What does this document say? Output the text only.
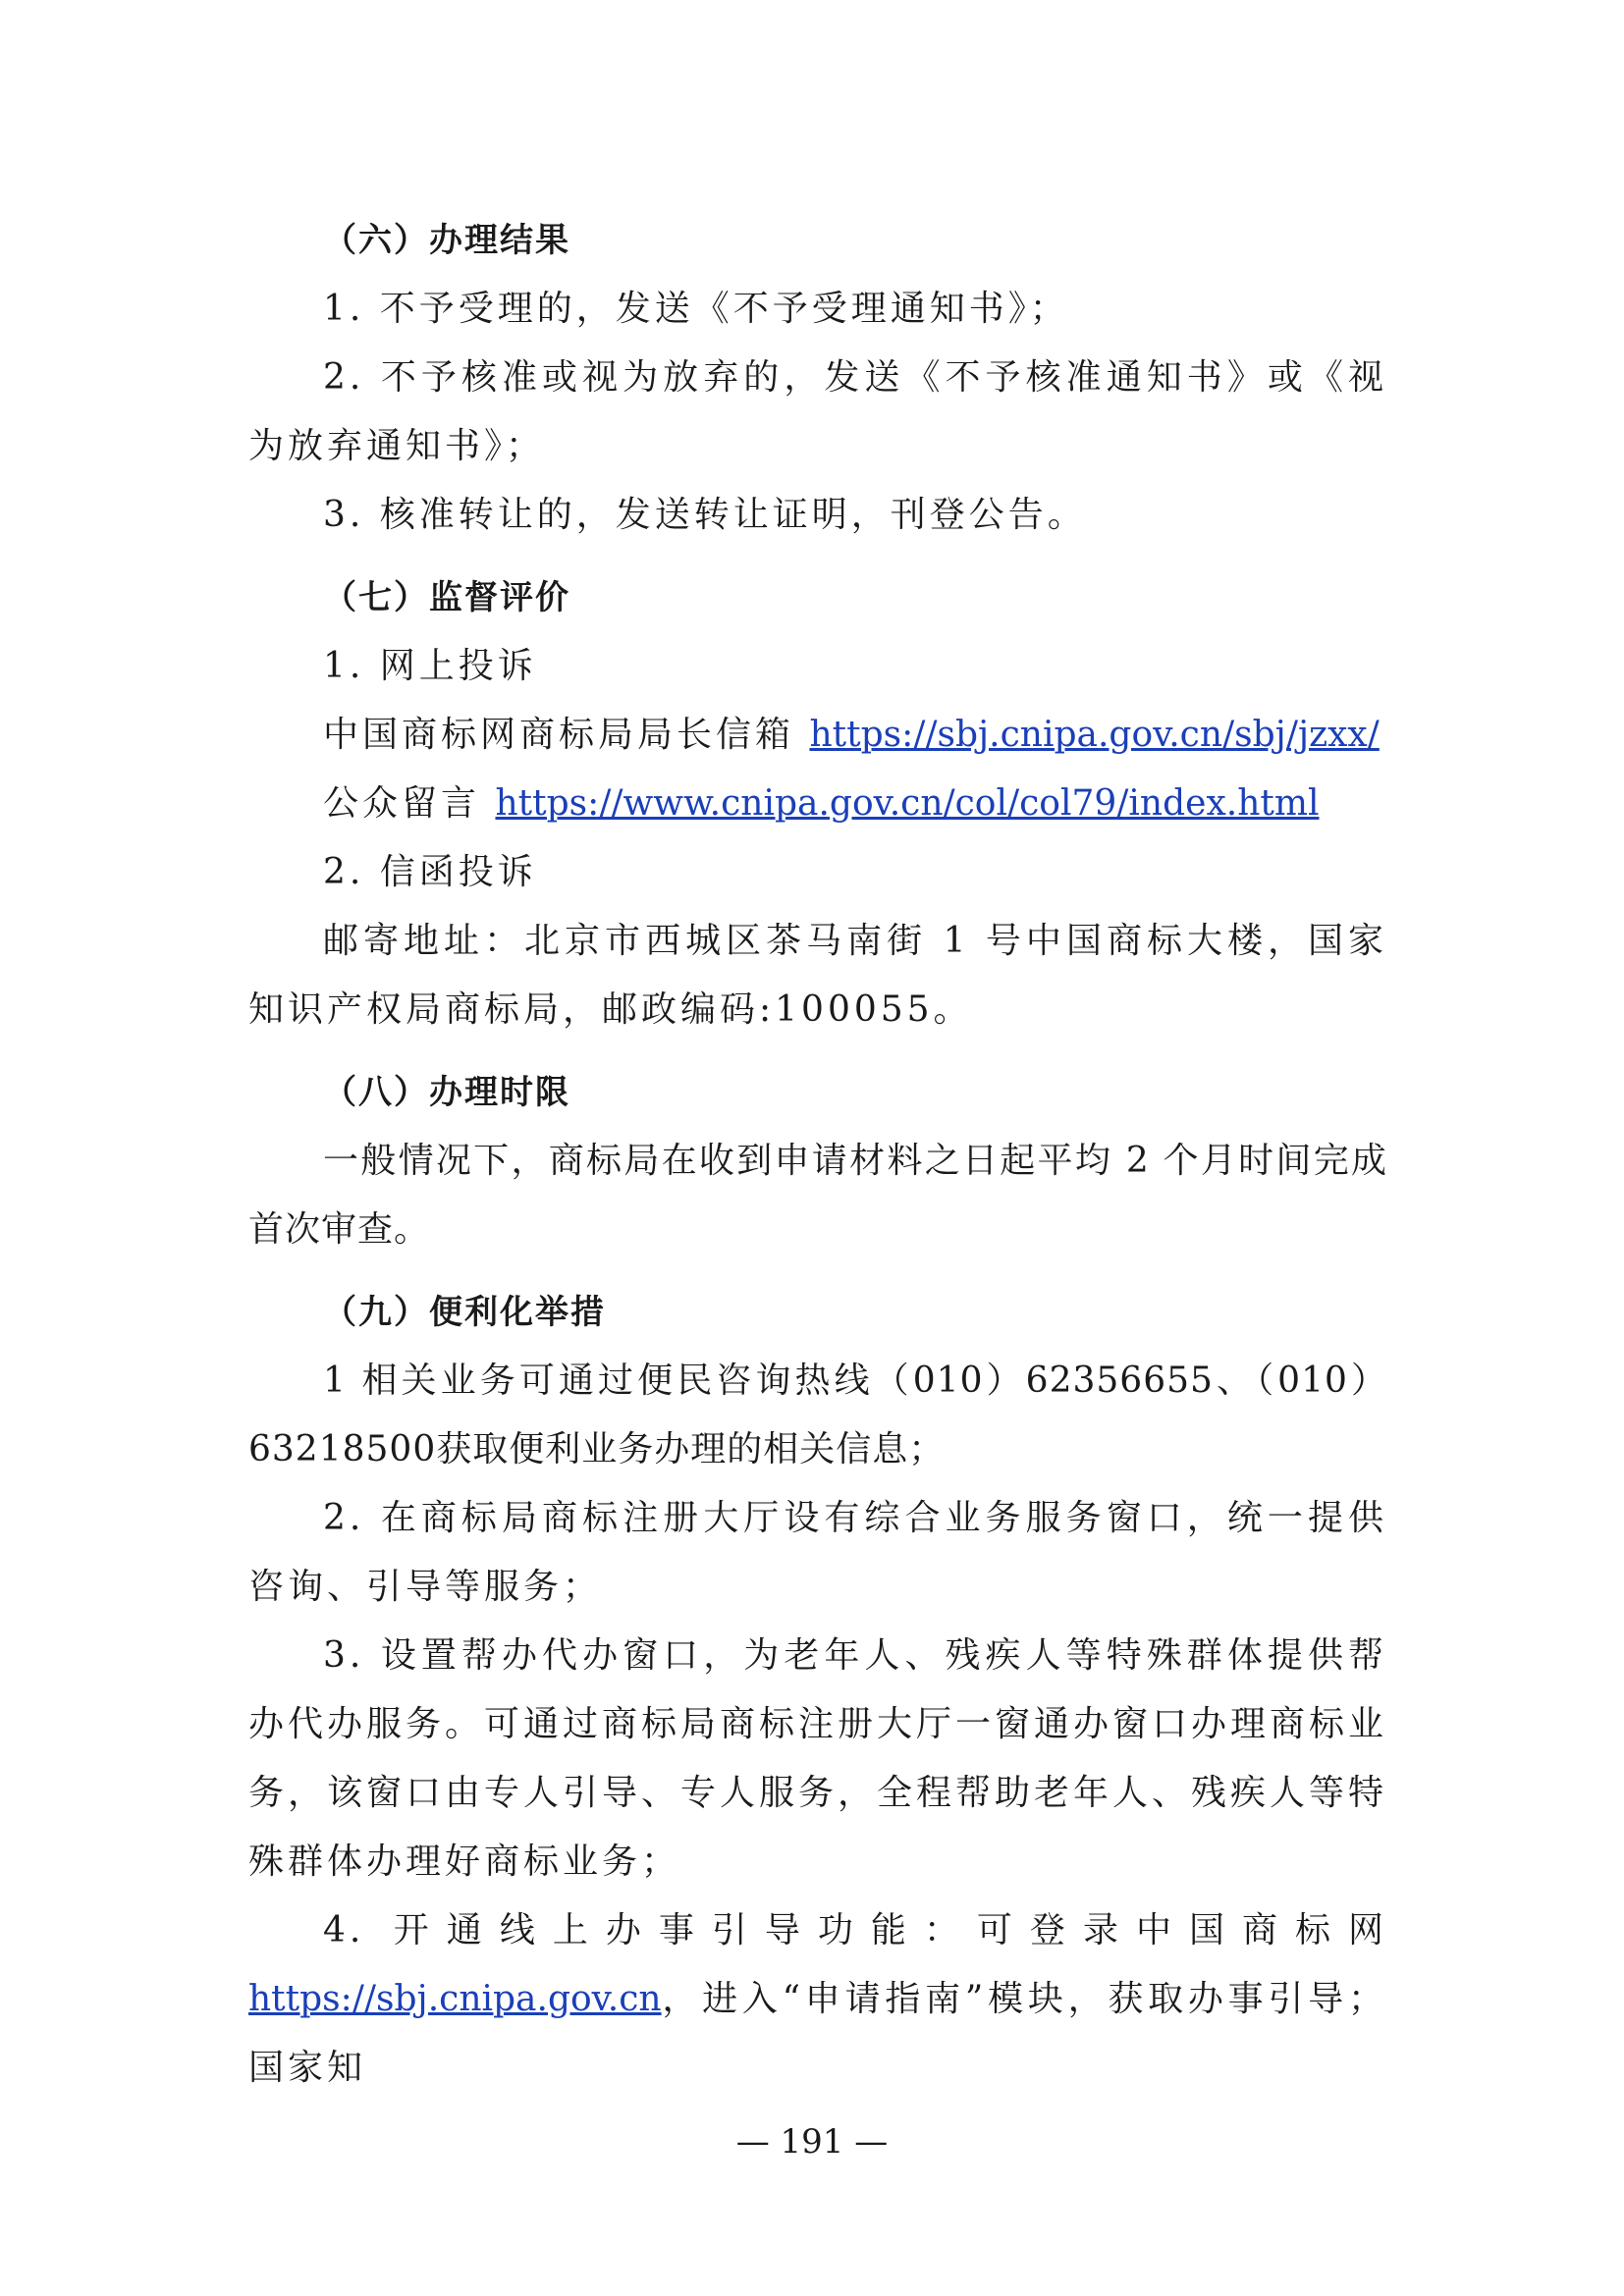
（六）办理结果

1. 不予受理的，发送《不予受理通知书》；

2. 不予核准或视为放弃的，发送《不予核准通知书》或《视为放弃通知书》；

3. 核准转让的，发送转让证明，刊登公告。

（七）监督评价

1. 网上投诉

中国商标网商标局局长信箱 https://sbj.cnipa.gov.cn/sbj/jzxx/

公众留言 https://www.cnipa.gov.cn/col/col79/index.html

2. 信函投诉

邮寄地址：北京市西城区茶马南街 1 号中国商标大楼，国家知识产权局商标局，邮政编码:100055。

（八）办理时限

一般情况下，商标局在收到申请材料之日起平均 2 个月时间完成首次审查。

（九）便利化举措

1 相关业务可通过便民咨询热线（010）62356655、（010）63218500获取便利业务办理的相关信息；

2. 在商标局商标注册大厅设有综合业务服务窗口，统一提供咨询、引导等服务；

3. 设置帮办代办窗口，为老年人、残疾人等特殊群体提供帮办代办服务。可通过商标局商标注册大厅一窗通办窗口办理商标业务，该窗口由专人引导、专人服务，全程帮助老年人、残疾人等特殊群体办理好商标业务；

4. 开通线上办事引导功能：可登录中国商标网https://sbj.cnipa.gov.cn，进入“申请指南”模块，获取办事引导；国家知

— 191 —
